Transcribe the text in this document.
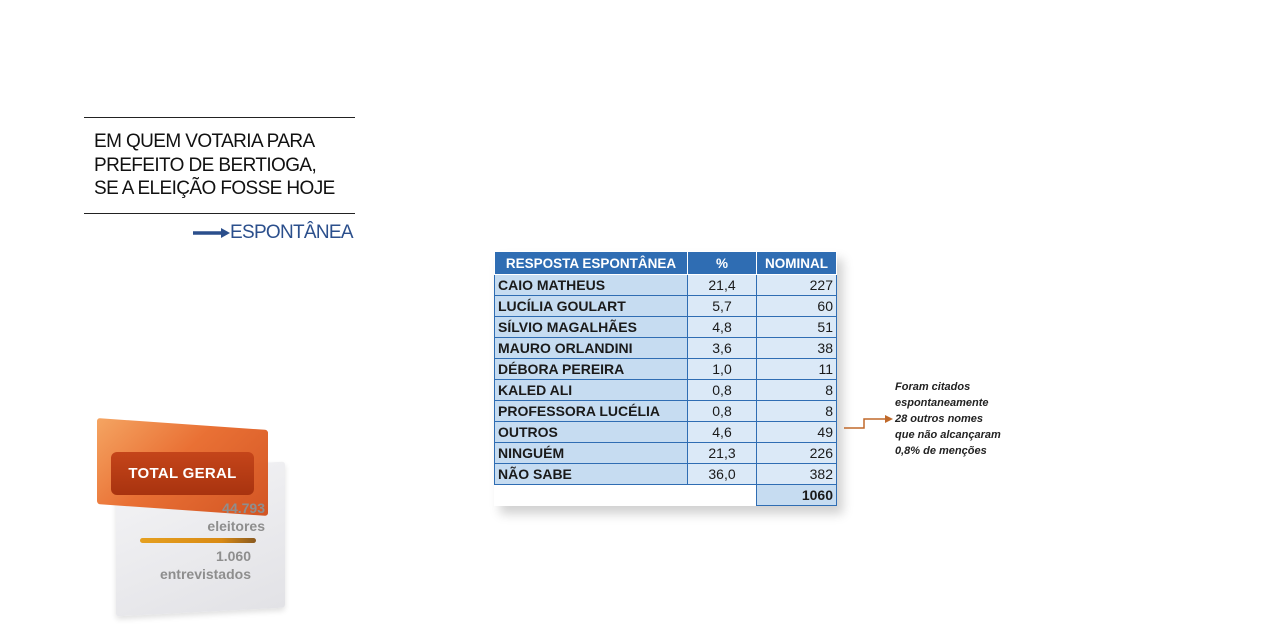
EM QUEM VOTARIA PARA
PREFEITO DE BERTIOGA,
SE A ELEIÇÃO FOSSE HOJE
ESPONTÂNEA
TOTAL GERAL
44.793
eleitores
1.060
entrevistados
RESPOSTA ESPONTÂNEA	%	NOMINAL
CAIO MATHEUS	21,4	227
LUCÍLIA GOULART	5,7	60
SÍLVIO MAGALHÃES	4,8	51
MAURO ORLANDINI	3,6	38
DÉBORA PEREIRA	1,0	11
KALED ALI	0,8	8
PROFESSORA LUCÉLIA	0,8	8
OUTROS	4,6	49
NINGUÉM	21,3	226
NÃO SABE	36,0	382
		1060
Foram citados
espontaneamente
28 outros nomes
que não alcançaram
0,8% de menções
